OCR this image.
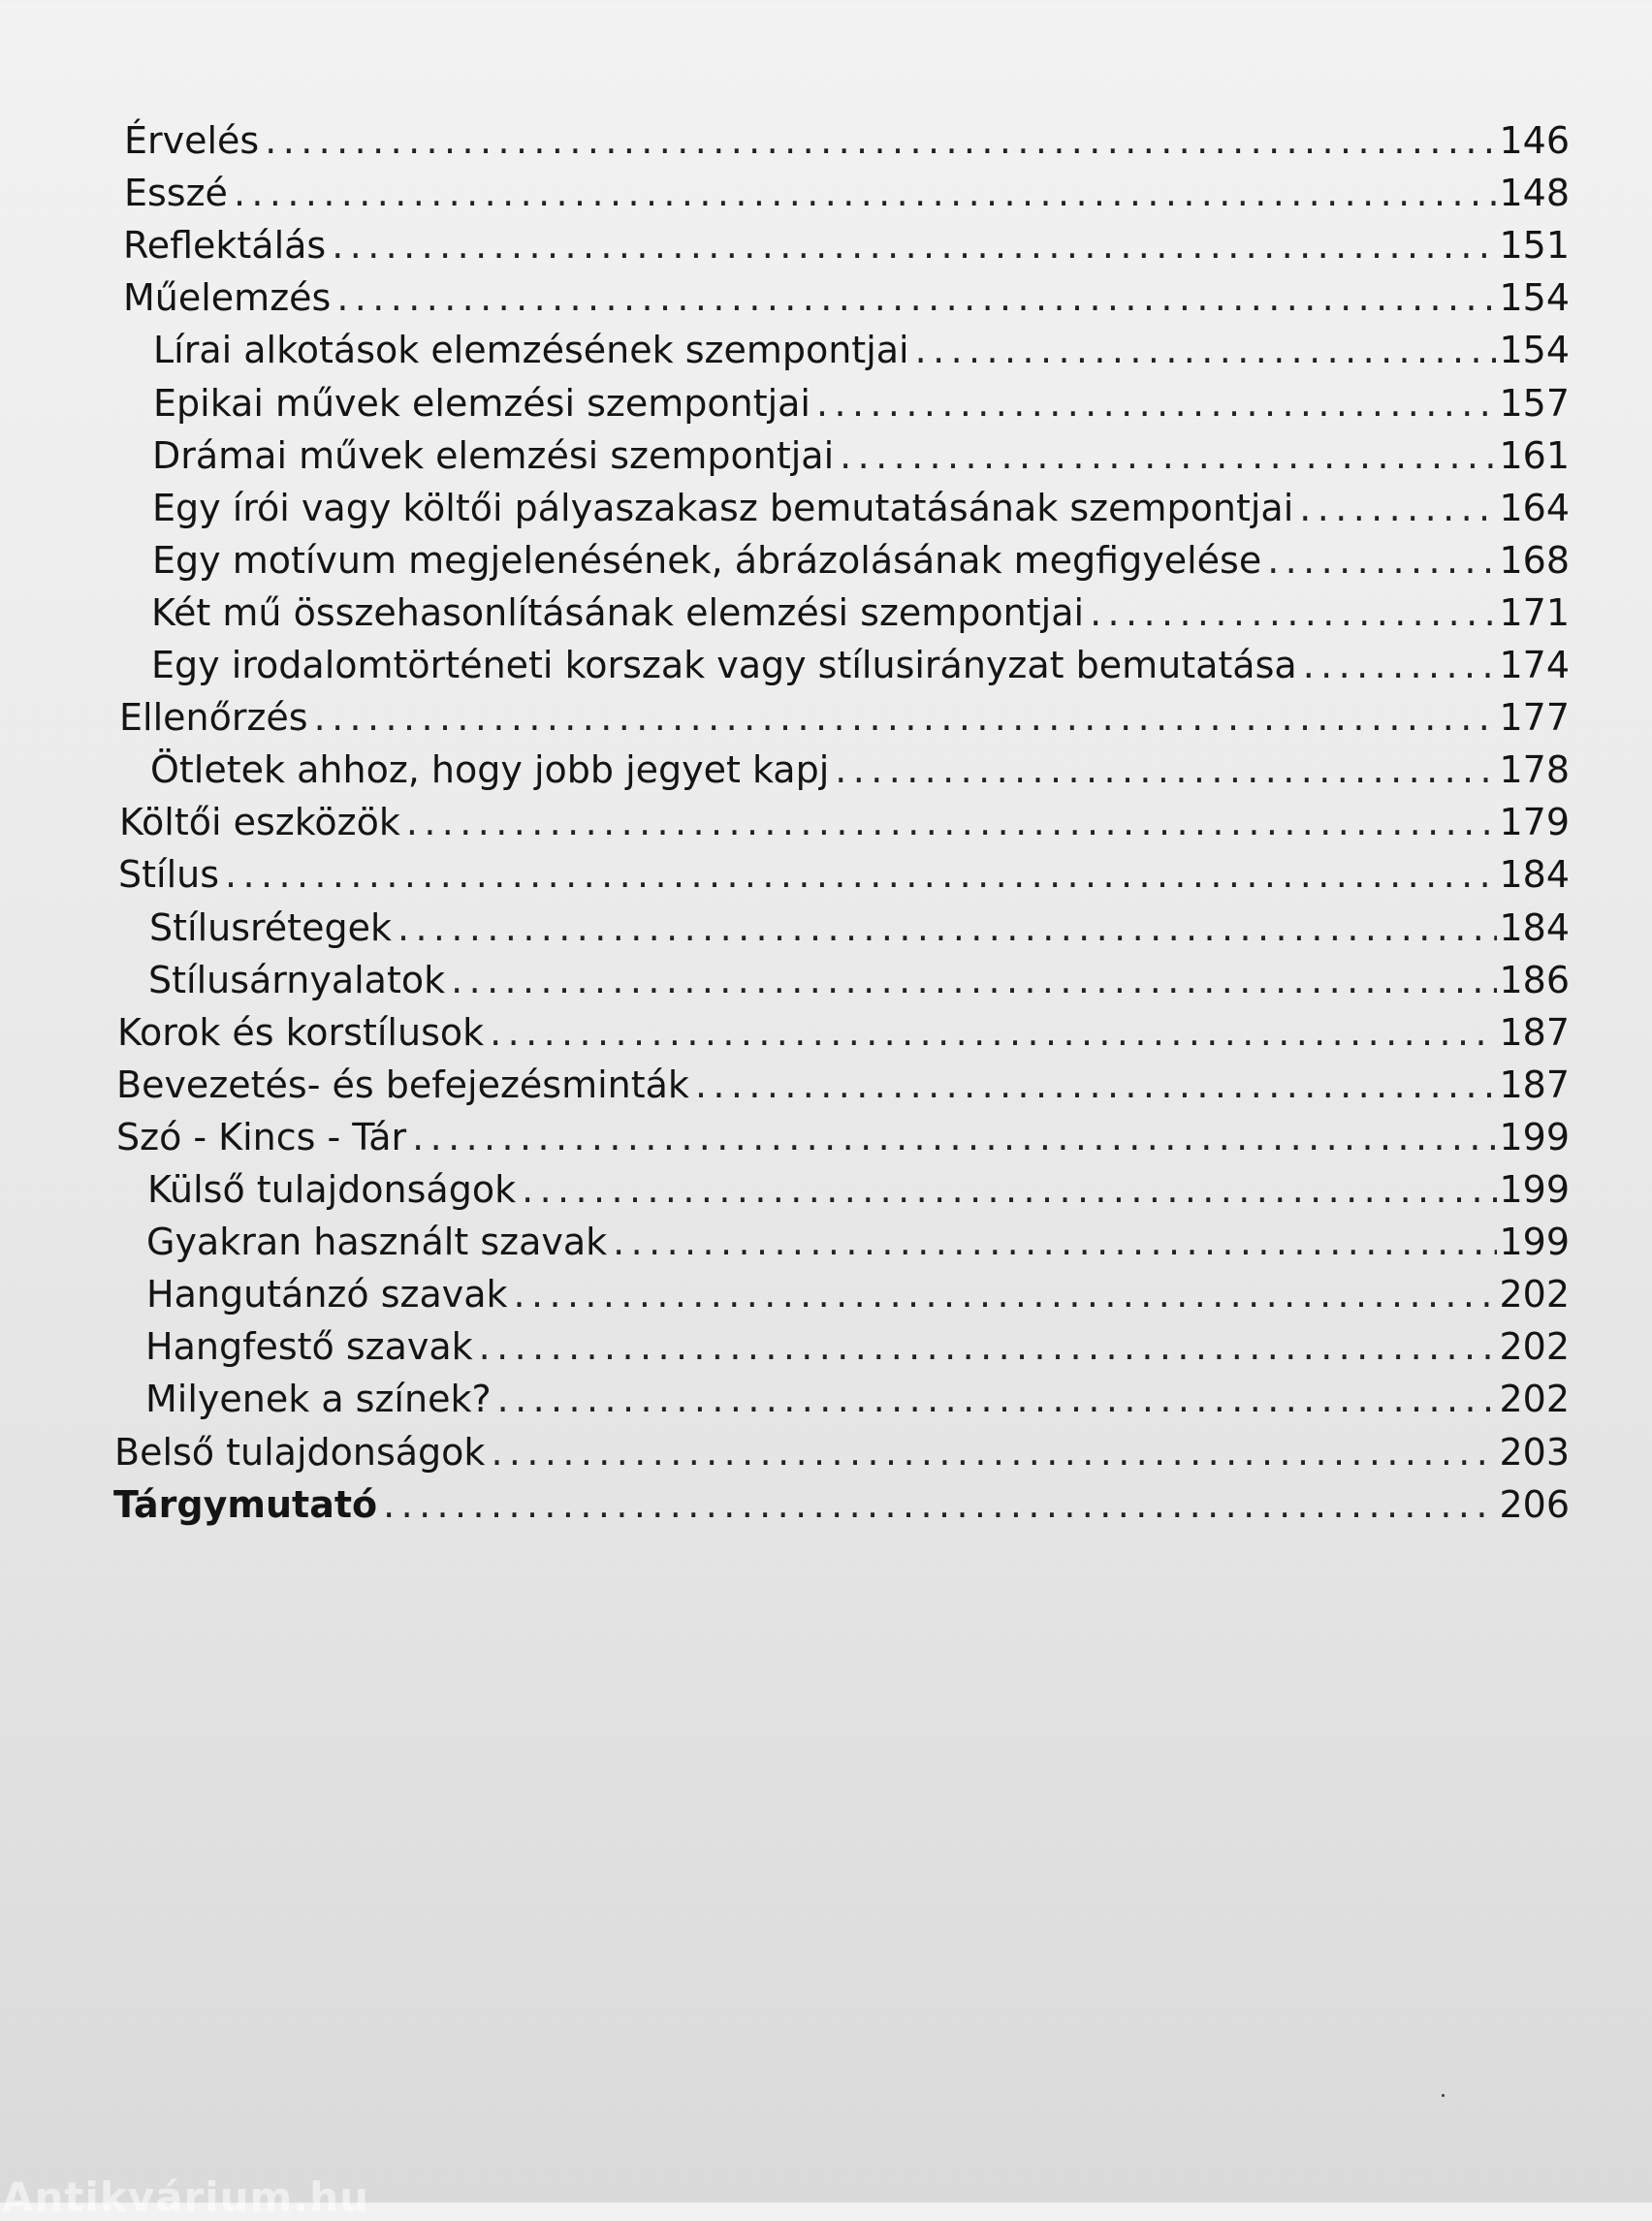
Érvelés .....	146
Esszé .....	148
Reflektálás .....	151
Műelemzés .....	154
Lírai alkotások elemzésének szempontjai .....	154
Epikai művek elemzési szempontjai .....	157
Drámai művek elemzési szempontjai .....	161
Egy írói vagy költői pályaszakasz bemutatásának szempontjai .....	164
Egy motívum megjelenésének, ábrázolásának megfigyelése .....	168
Két mű összehasonlításának elemzési szempontjai .....	171
Egy irodalomtörténeti korszak vagy stílusirányzat bemutatása .....	174
Ellenőrzés .....	177
Ötletek ahhoz, hogy jobb jegyet kapj .....	178
Költői eszközök .....	179
Stílus .....	184
Stílusrétegek .....	184
Stílusárnyalatok .....	186
Korok és korstílusok .....	187
Bevezetés- és befejezésminták .....	187
Szó - Kincs - Tár .....	199
Külső tulajdonságok .....	199
Gyakran használt szavak .....	199
Hangutánzó szavak .....	202
Hangfestő szavak .....	202
Milyenek a színek? .....	202
Belső tulajdonságok .....	203
Tárgymutató .....	206
Antikvárium.hu
